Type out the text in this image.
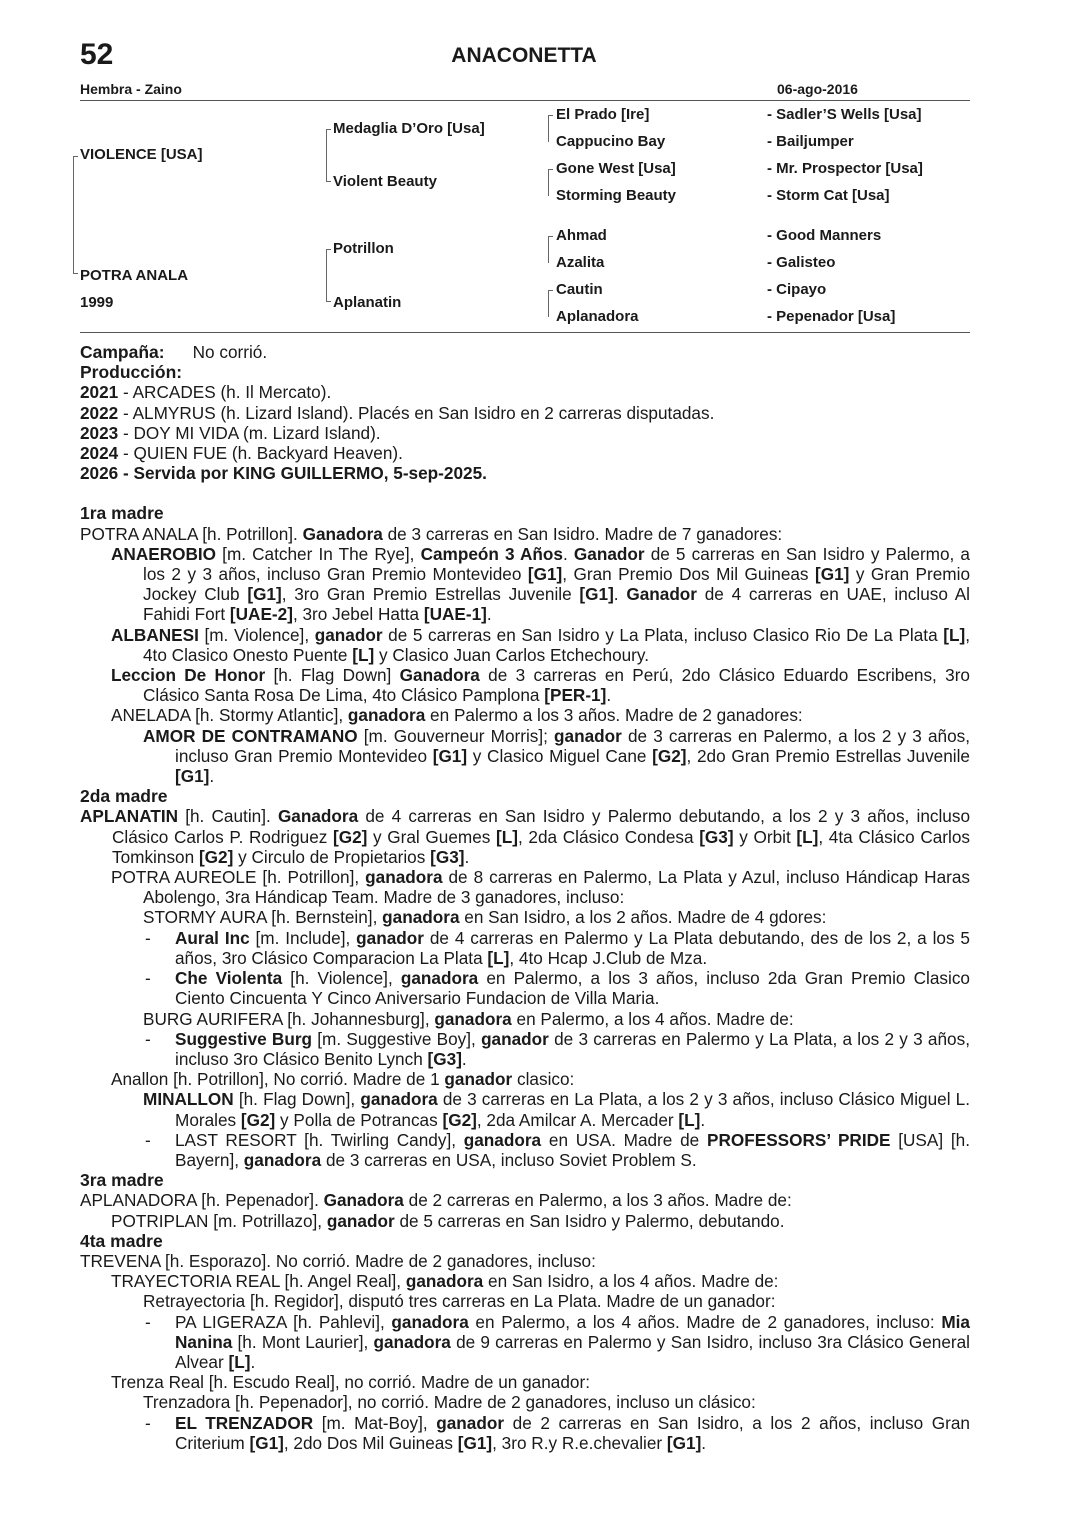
52	ANACONETTA
Hembra - Zaino	06-ago-2016
VIOLENCE [USA]
POTRA ANALA
1999
Medaglia D’Oro [Usa]
Violent Beauty
Potrillon
Aplanatin
El Prado [Ire]
Cappucino Bay
Gone West [Usa]
Storming Beauty
Ahmad
Azalita
Cautin
Aplanadora
- Sadler’S Wells [Usa]
- Bailjumper
- Mr. Prospector [Usa]
- Storm Cat [Usa]
- Good Manners
- Galisteo
- Cipayo
- Pepenador [Usa]

Campaña: No corrió.

Producción:

2021 - ARCADES (h. Il Mercato).

2022 - ALMYRUS (h. Lizard Island). Placés en San Isidro en 2 carreras disputadas.

2023 - DOY MI VIDA (m. Lizard Island).

2024 - QUIEN FUE (h. Backyard Heaven).

2026 - Servida por KING GUILLERMO, 5-sep-2025.

1ra madre

POTRA ANALA [h. Potrillon]. Ganadora de 3 carreras en San Isidro. Madre de 7 ganadores:

ANAEROBIO [m. Catcher In The Rye], Campeón 3 Años. Ganador de 5 carreras en San Isidro y Palermo, a los 2 y 3 años, incluso Gran Premio Montevideo [G1], Gran Premio Dos Mil Guineas [G1] y Gran Premio Jockey Club [G1], 3ro Gran Premio Estrellas Juvenile [G1]. Ganador de 4 carreras en UAE, incluso Al Fahidi Fort [UAE-2], 3ro Jebel Hatta [UAE-1].

ALBANESI [m. Violence], ganador de 5 carreras en San Isidro y La Plata, incluso Clasico Rio De La Plata [L], 4to Clasico Onesto Puente [L] y Clasico Juan Carlos Etchechoury.

Leccion De Honor [h. Flag Down] Ganadora de 3 carreras en Perú, 2do Clásico Eduardo Escribens, 3ro Clásico Santa Rosa De Lima, 4to Clásico Pamplona [PER-1].

ANELADA [h. Stormy Atlantic], ganadora en Palermo a los 3 años. Madre de 2 ganadores:

AMOR DE CONTRAMANO [m. Gouverneur Morris]; ganador de 3 carreras en Palermo, a los 2 y 3 años, incluso Gran Premio Montevideo [G1] y Clasico Miguel Cane [G2], 2do Gran Premio Estrellas Juvenile [G1].

2da madre

APLANATIN [h. Cautin]. Ganadora de 4 carreras en San Isidro y Palermo debutando, a los 2 y 3 años, incluso Clásico Carlos P. Rodriguez [G2] y Gral Guemes [L], 2da Clásico Condesa [G3] y Orbit [L], 4ta Clásico Carlos Tomkinson [G2] y Circulo de Propietarios [G3].

POTRA AUREOLE [h. Potrillon], ganadora de 8 carreras en Palermo, La Plata y Azul, incluso Hándicap Haras Abolengo, 3ra Hándicap Team. Madre de 3 ganadores, incluso:

STORMY AURA [h. Bernstein], ganadora en San Isidro, a los 2 años. Madre de 4 gdores:

- Aural Inc [m. Include], ganador de 4 carreras en Palermo y La Plata debutando, des de los 2, a los 5 años, 3ro Clásico Comparacion La Plata [L], 4to Hcap J.Club de Mza.

- Che Violenta [h. Violence], ganadora en Palermo, a los 3 años, incluso 2da Gran Premio Clasico Ciento Cincuenta Y Cinco Aniversario Fundacion de Villa Maria.

BURG AURIFERA [h. Johannesburg], ganadora en Palermo, a los 4 años. Madre de:

- Suggestive Burg [m. Suggestive Boy], ganador de 3 carreras en Palermo y La Plata, a los 2 y 3 años, incluso 3ro Clásico Benito Lynch [G3].

Anallon [h. Potrillon], No corrió. Madre de 1 ganador clasico:

MINALLON [h. Flag Down], ganadora de 3 carreras en La Plata, a los 2 y 3 años, incluso Clásico Miguel L. Morales [G2] y Polla de Potrancas [G2], 2da Amilcar A. Mercader [L].

- LAST RESORT [h. Twirling Candy], ganadora en USA. Madre de PROFESSORS’ PRIDE [USA] [h. Bayern], ganadora de 3 carreras en USA, incluso Soviet Problem S.

3ra madre

APLANADORA [h. Pepenador]. Ganadora de 2 carreras en Palermo, a los 3 años. Madre de:

POTRIPLAN [m. Potrillazo], ganador de 5 carreras en San Isidro y Palermo, debutando.

4ta madre

TREVENA [h. Esporazo]. No corrió. Madre de 2 ganadores, incluso:

TRAYECTORIA REAL [h. Angel Real], ganadora en San Isidro, a los 4 años. Madre de:

Retrayectoria [h. Regidor], disputó tres carreras en La Plata. Madre de un ganador:

- PA LIGERAZA [h. Pahlevi], ganadora en Palermo, a los 4 años. Madre de 2 ganadores, incluso: Mia Nanina [h. Mont Laurier], ganadora de 9 carreras en Palermo y San Isidro, incluso 3ra Clásico General Alvear [L].

Trenza Real [h. Escudo Real], no corrió. Madre de un ganador:

Trenzadora [h. Pepenador], no corrió. Madre de 2 ganadores, incluso un clásico:

- EL TRENZADOR [m. Mat-Boy], ganador de 2 carreras en San Isidro, a los 2 años, incluso Gran Criterium [G1], 2do Dos Mil Guineas [G1], 3ro R.y R.e.chevalier [G1].
